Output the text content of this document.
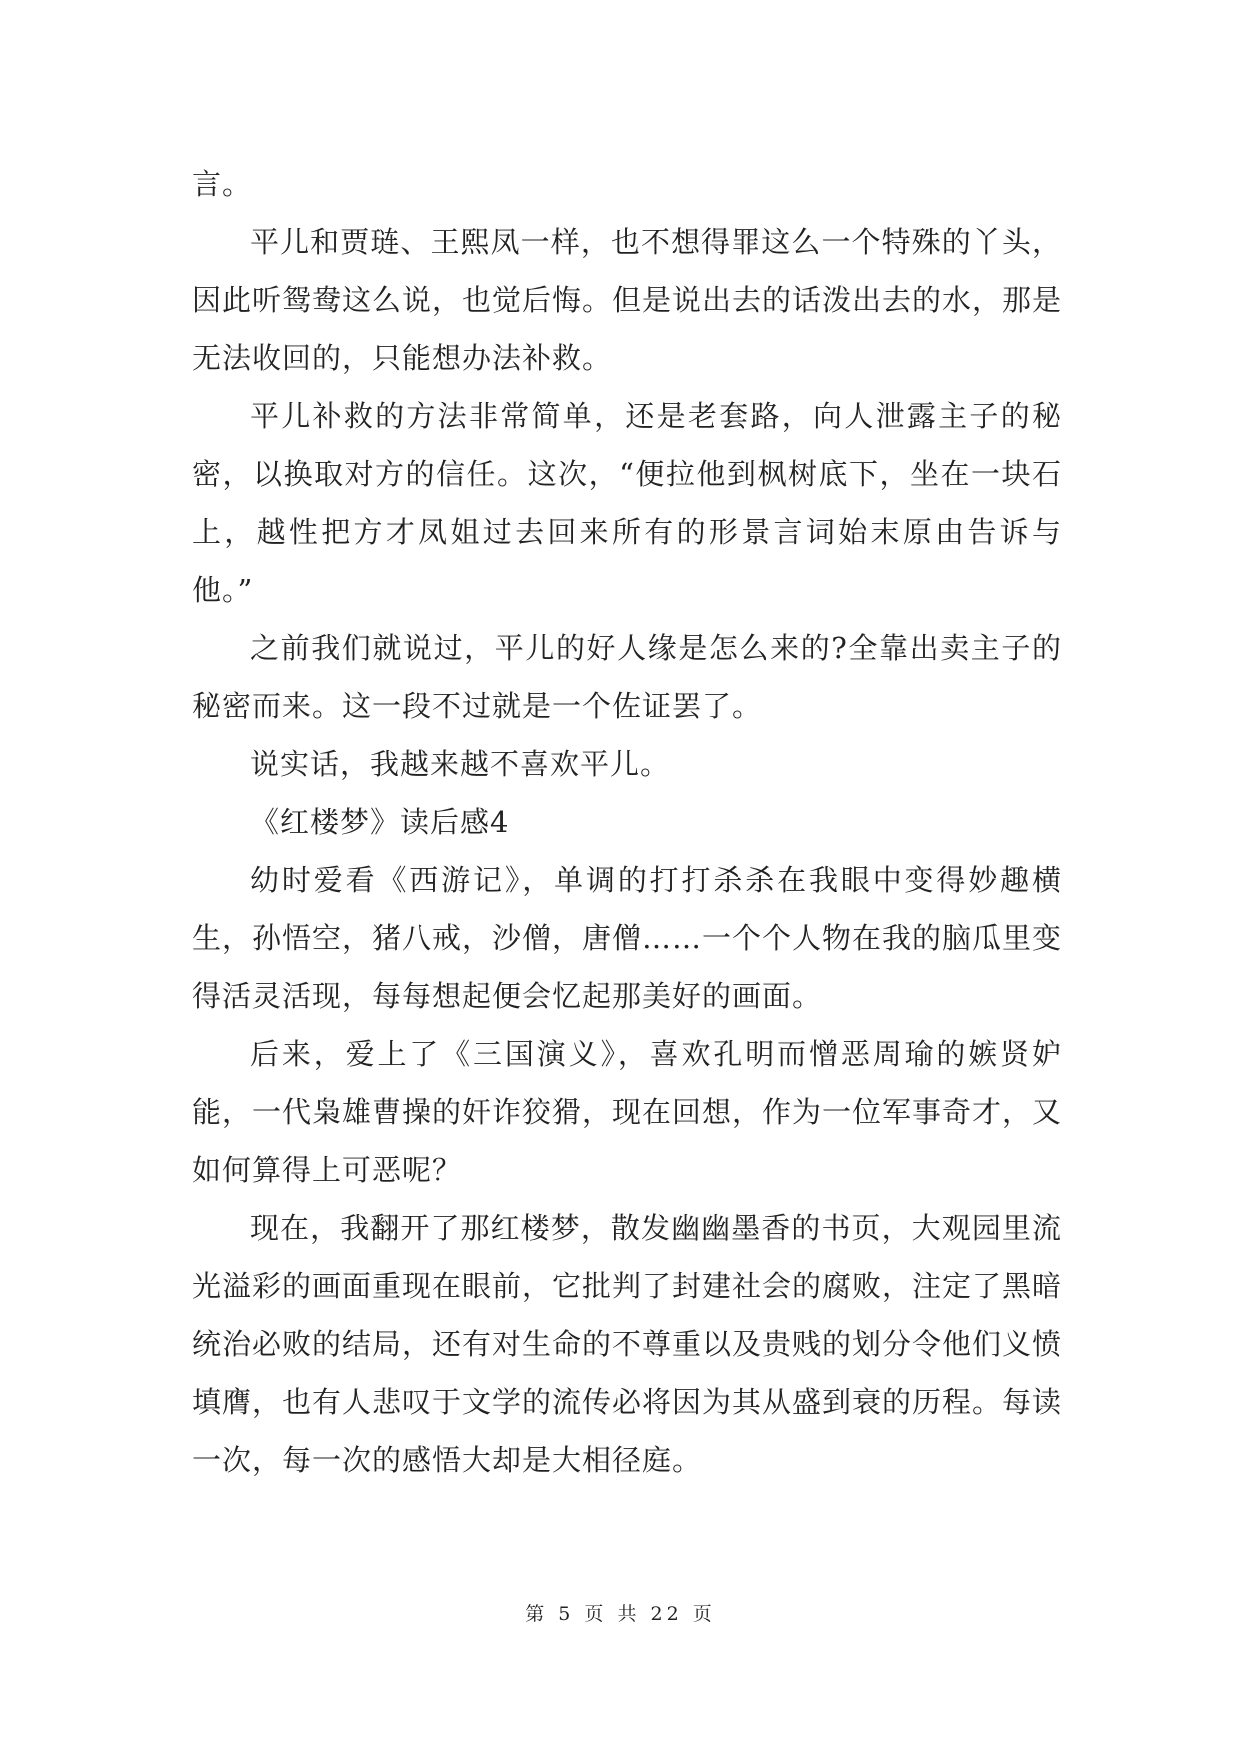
言。

平儿和贾琏、王熙凤一样，也不想得罪这么一个特殊的丫头，因此听鸳鸯这么说，也觉后悔。但是说出去的话泼出去的水，那是无法收回的，只能想办法补救。

平儿补救的方法非常简单，还是老套路，向人泄露主子的秘密，以换取对方的信任。这次，“便拉他到枫树底下，坐在一块石上，越性把方才凤姐过去回来所有的形景言词始末原由告诉与他。”

之前我们就说过，平儿的好人缘是怎么来的?全靠出卖主子的秘密而来。这一段不过就是一个佐证罢了。

说实话，我越来越不喜欢平儿。

《红楼梦》读后感4

幼时爱看《西游记》，单调的打打杀杀在我眼中变得妙趣横生，孙悟空，猪八戒，沙僧，唐僧……一个个人物在我的脑瓜里变得活灵活现，每每想起便会忆起那美好的画面。

后来，爱上了《三国演义》，喜欢孔明而憎恶周瑜的嫉贤妒能，一代枭雄曹操的奸诈狡猾，现在回想，作为一位军事奇才，又如何算得上可恶呢？

现在，我翻开了那红楼梦，散发幽幽墨香的书页，大观园里流光溢彩的画面重现在眼前，它批判了封建社会的腐败，注定了黑暗统治必败的结局，还有对生命的不尊重以及贵贱的划分令他们义愤填膺，也有人悲叹于文学的流传必将因为其从盛到衰的历程。每读一次，每一次的感悟大却是大相径庭。

第 5 页 共 22 页
